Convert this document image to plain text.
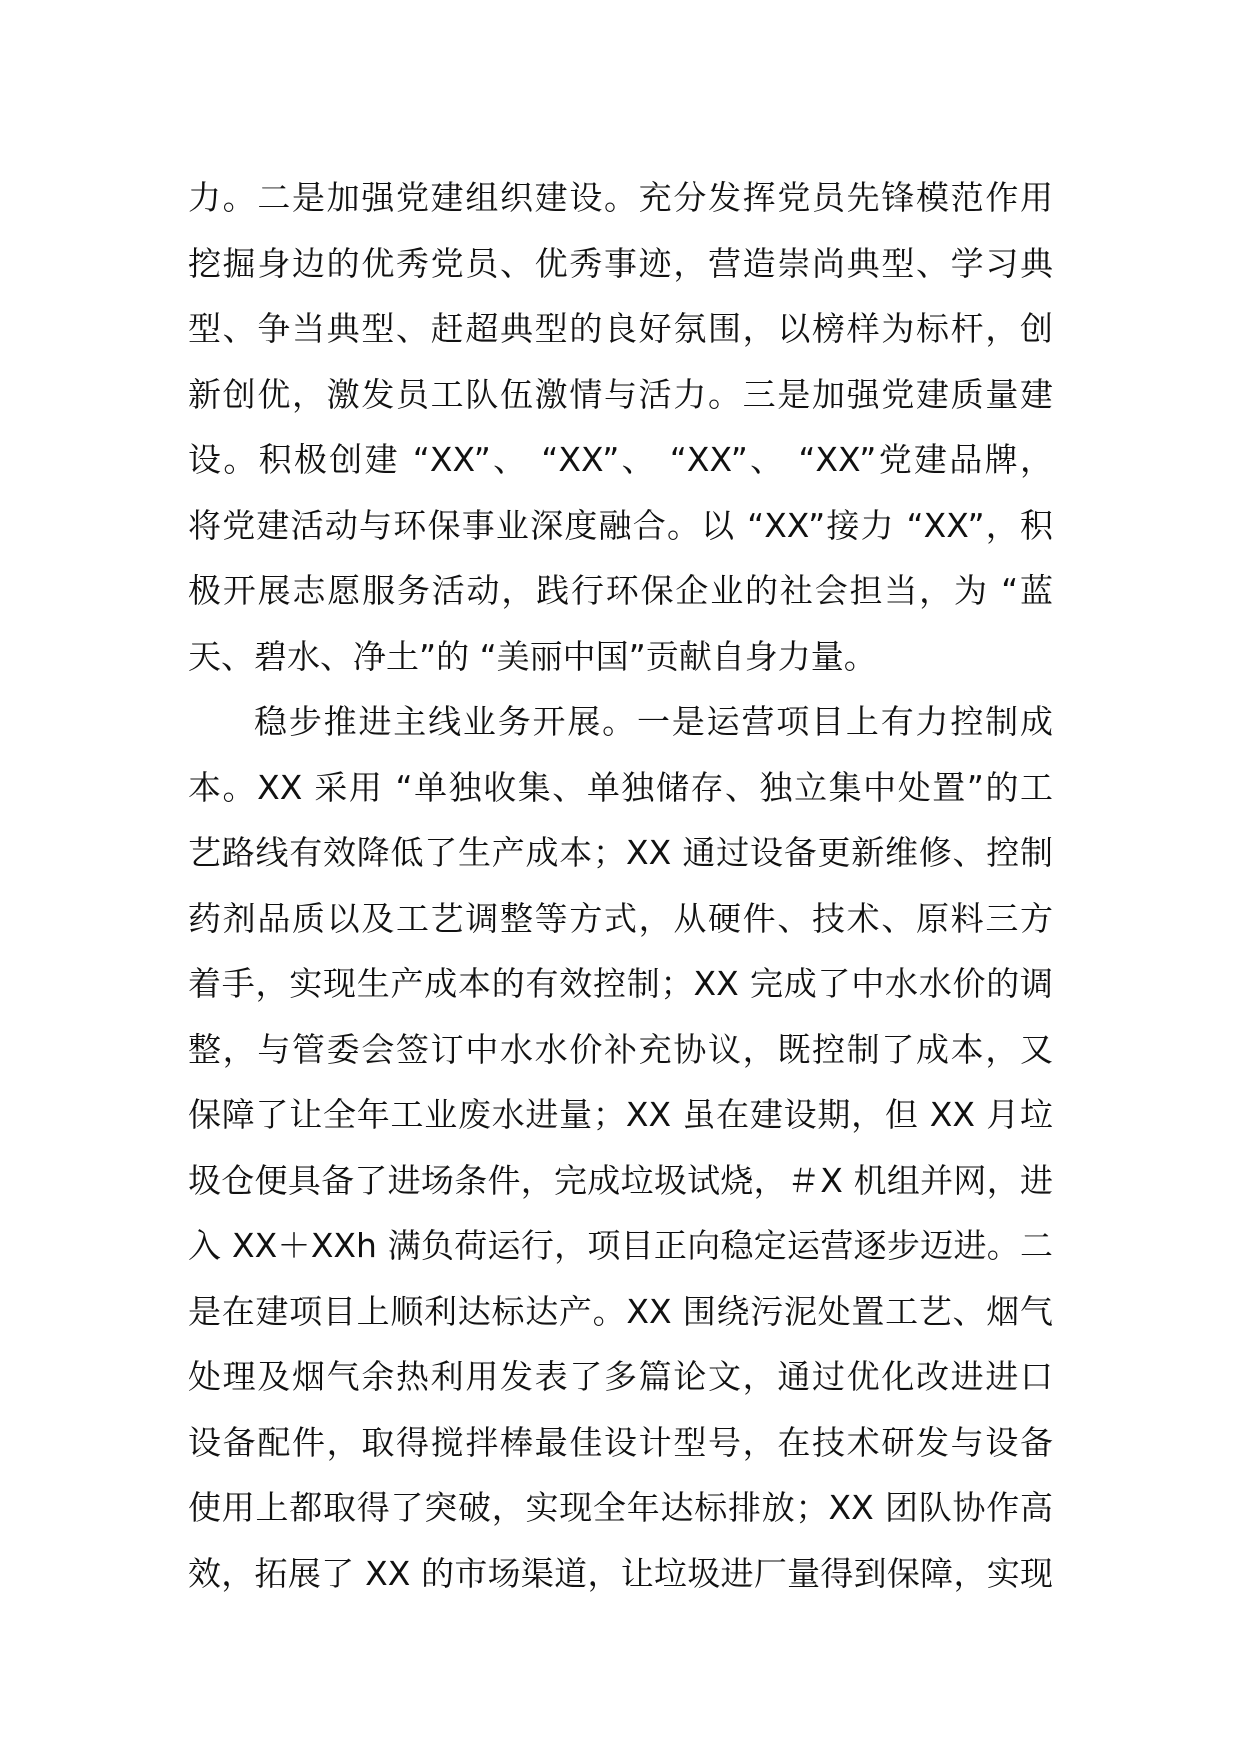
力。二是加强党建组织建设。充分发挥党员先锋模范作用
挖掘身边的优秀党员、优秀事迹，营造崇尚典型、学习典
型、争当典型、赶超典型的良好氛围，以榜样为标杆，创
新创优，激发员工队伍激情与活力。三是加强党建质量建
设。积极创建 “XX”、 “XX”、 “XX”、 “XX”党建品牌，
将党建活动与环保事业深度融合。以 “XX”接力 “XX”，积
极开展志愿服务活动，践行环保企业的社会担当，为 “蓝
天、碧水、净土”的 “美丽中国”贡献自身力量。
稳步推进主线业务开展。一是运营项目上有力控制成
本。XX 采用 “单独收集、单独储存、独立集中处置”的工
艺路线有效降低了生产成本；XX 通过设备更新维修、控制
药剂品质以及工艺调整等方式，从硬件、技术、原料三方
着手，实现生产成本的有效控制；XX 完成了中水水价的调
整，与管委会签订中水水价补充协议，既控制了成本，又
保障了让全年工业废水进量；XX 虽在建设期，但 XX 月垃
圾仓便具备了进场条件，完成垃圾试烧，＃X 机组并网，进
入 XX＋XXh 满负荷运行，项目正向稳定运营逐步迈进。二
是在建项目上顺利达标达产。XX 围绕污泥处置工艺、烟气
处理及烟气余热利用发表了多篇论文，通过优化改进进口
设备配件，取得搅拌棒最佳设计型号，在技术研发与设备
使用上都取得了突破，实现全年达标排放；XX 团队协作高
效，拓展了 XX 的市场渠道，让垃圾进厂量得到保障，实现
